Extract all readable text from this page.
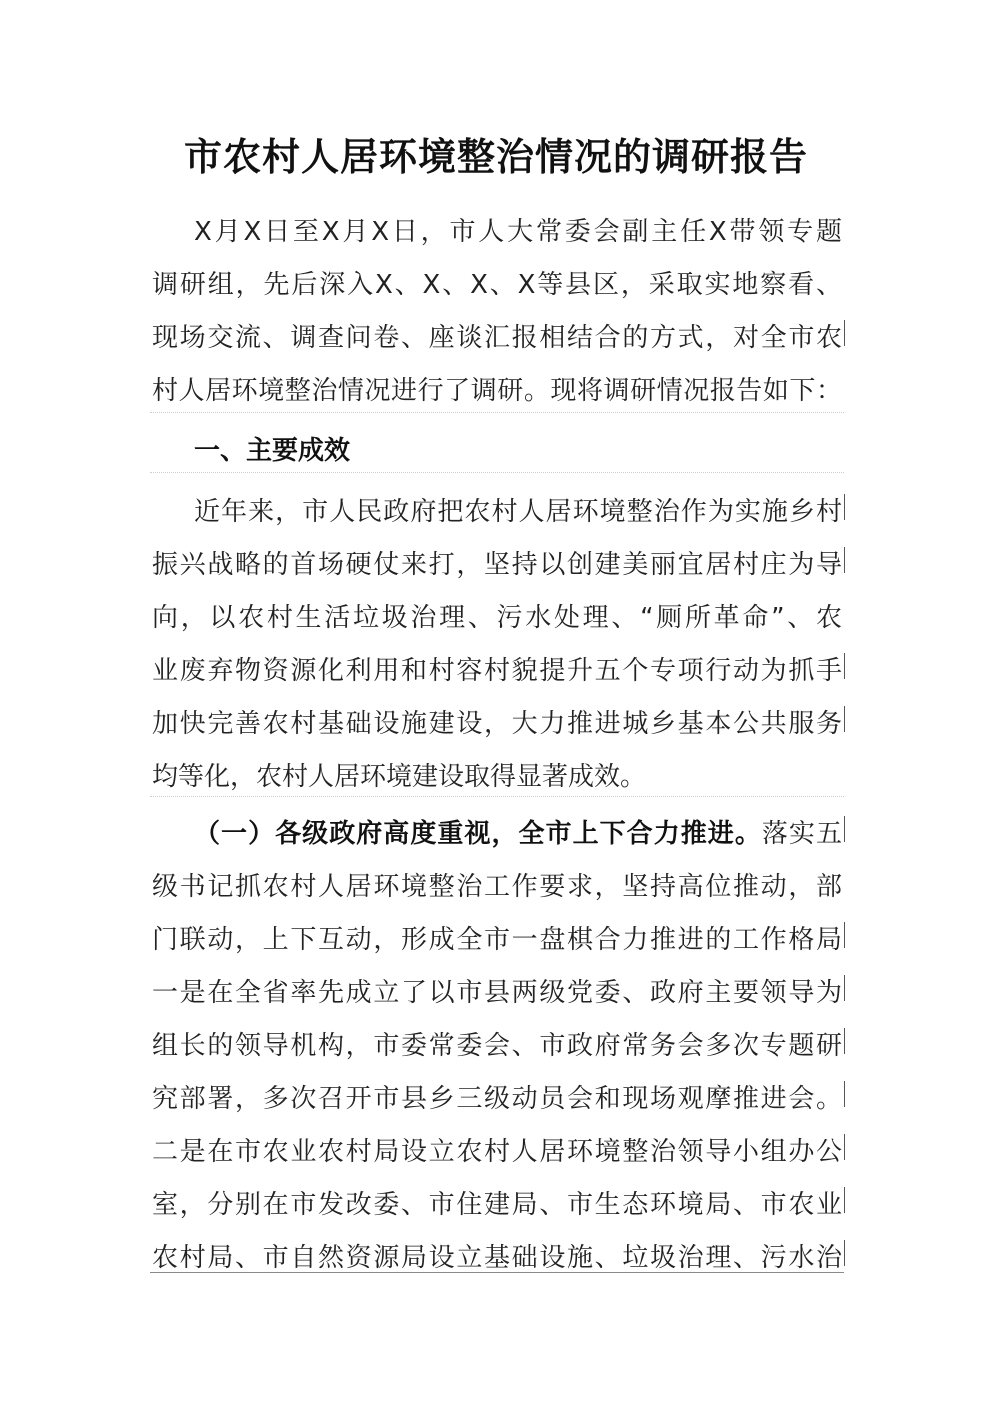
市农村人居环境整治情况的调研报告
X月X日至X月X日，市人大常委会副主任X带领专题
调研组，先后深入X、X、X、X等县区，采取实地察看、
现场交流、调查问卷、座谈汇报相结合的方式，对全市农
村人居环境整治情况进行了调研。现将调研情况报告如下：
一、主要成效
近年来，市人民政府把农村人居环境整治作为实施乡村
振兴战略的首场硬仗来打，坚持以创建美丽宜居村庄为导
向，以农村生活垃圾治理、污水处理、“厕所革命”、农
业废弃物资源化利用和村容村貌提升五个专项行动为抓手
加快完善农村基础设施建设，大力推进城乡基本公共服务
均等化，农村人居环境建设取得显著成效。
（一）各级政府高度重视，全市上下合力推进。落实五
级书记抓农村人居环境整治工作要求，坚持高位推动，部
门联动，上下互动，形成全市一盘棋合力推进的工作格局
一是在全省率先成立了以市县两级党委、政府主要领导为
组长的领导机构，市委常委会、市政府常务会多次专题研
究部署，多次召开市县乡三级动员会和现场观摩推进会。
二是在市农业农村局设立农村人居环境整治领导小组办公
室，分别在市发改委、市住建局、市生态环境局、市农业
农村局、市自然资源局设立基础设施、垃圾治理、污水治
